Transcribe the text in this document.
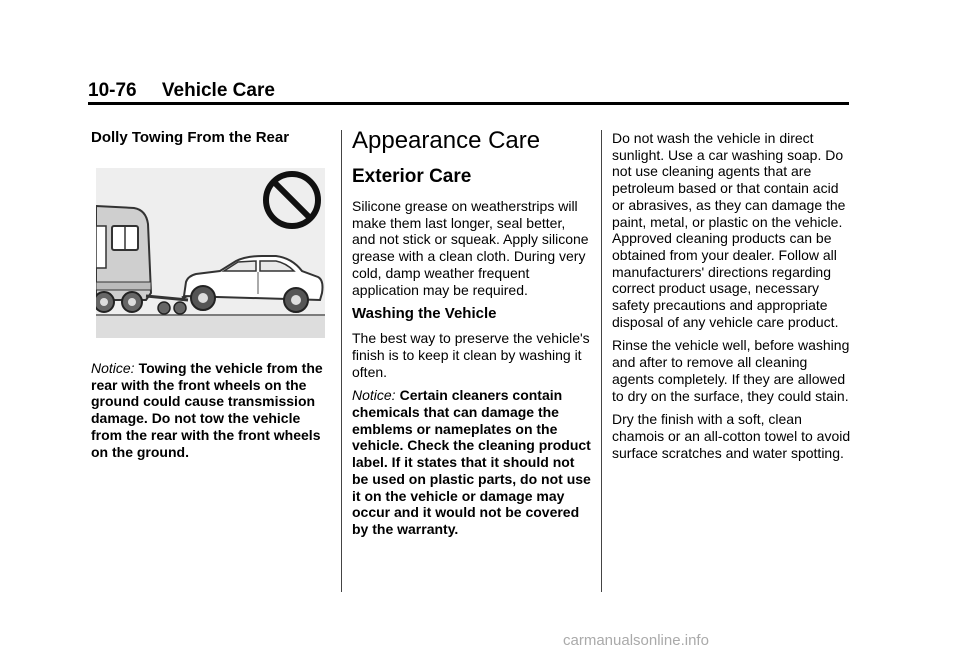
10-76 Vehicle Care

Dolly Towing From the Rear

Notice: Towing the vehicle from the rear with the front wheels on the ground could cause transmission damage. Do not tow the vehicle from the rear with the front wheels on the ground.

Appearance Care
Exterior Care

Silicone grease on weatherstrips will make them last longer, seal better, and not stick or squeak. Apply silicone grease with a clean cloth. During very cold, damp weather frequent application may be required.

Washing the Vehicle

The best way to preserve the vehicle's finish is to keep it clean by washing it often.

Notice: Certain cleaners contain chemicals that can damage the emblems or nameplates on the vehicle. Check the cleaning product label. If it states that it should not be used on plastic parts, do not use it on the vehicle or damage may occur and it would not be covered by the warranty.

Do not wash the vehicle in direct sunlight. Use a car washing soap. Do not use cleaning agents that are petroleum based or that contain acid or abrasives, as they can damage the paint, metal, or plastic on the vehicle. Approved cleaning products can be obtained from your dealer. Follow all manufacturers' directions regarding correct product usage, necessary safety precautions and appropriate disposal of any vehicle care product.

Rinse the vehicle well, before washing and after to remove all cleaning agents completely. If they are allowed to dry on the surface, they could stain.

Dry the finish with a soft, clean chamois or an all-cotton towel to avoid surface scratches and water spotting.

carmanualsonline.info
